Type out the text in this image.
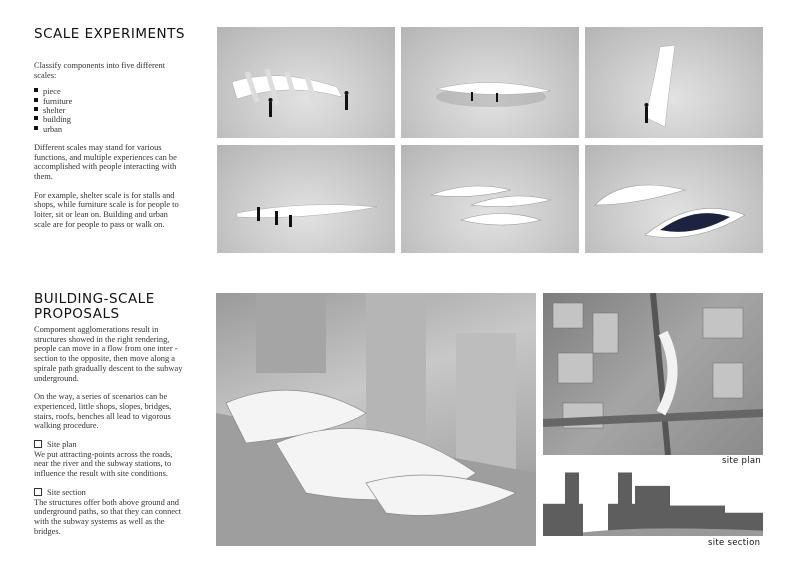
SCALE EXPERIMENTS

Classify components into five different scales:

piece
furniture
shelter
building
urban

Different scales may stand for various functions, and multiple experiences can be accomplished with people interacting with them.

For example, shelter scale is for stalls and shops, while furniture scale is for people to loiter, sit or lean on. Building and urban scale are for people to pass or walk on.

BUILDING-SCALE
PROPOSALS

Compoment agglomerations result in structures showed in the right rendering, people can move in a flow from one inter -section to the opposite, then move along a spirale path gradually descent to the subway underground.

On the way, a series of scenarios can be experienced, little shops, slopes, bridges, stairs, roofs, benches all lead to vigorous walking procedure.

Site plan

We put attracting-points across the roads, near the river and the subway stations, to influence the result with site conditions.

Site section

The structures offer both above ground and underground paths, so that they can connect with the subway systems as well as the bridges.

site plan
site section
